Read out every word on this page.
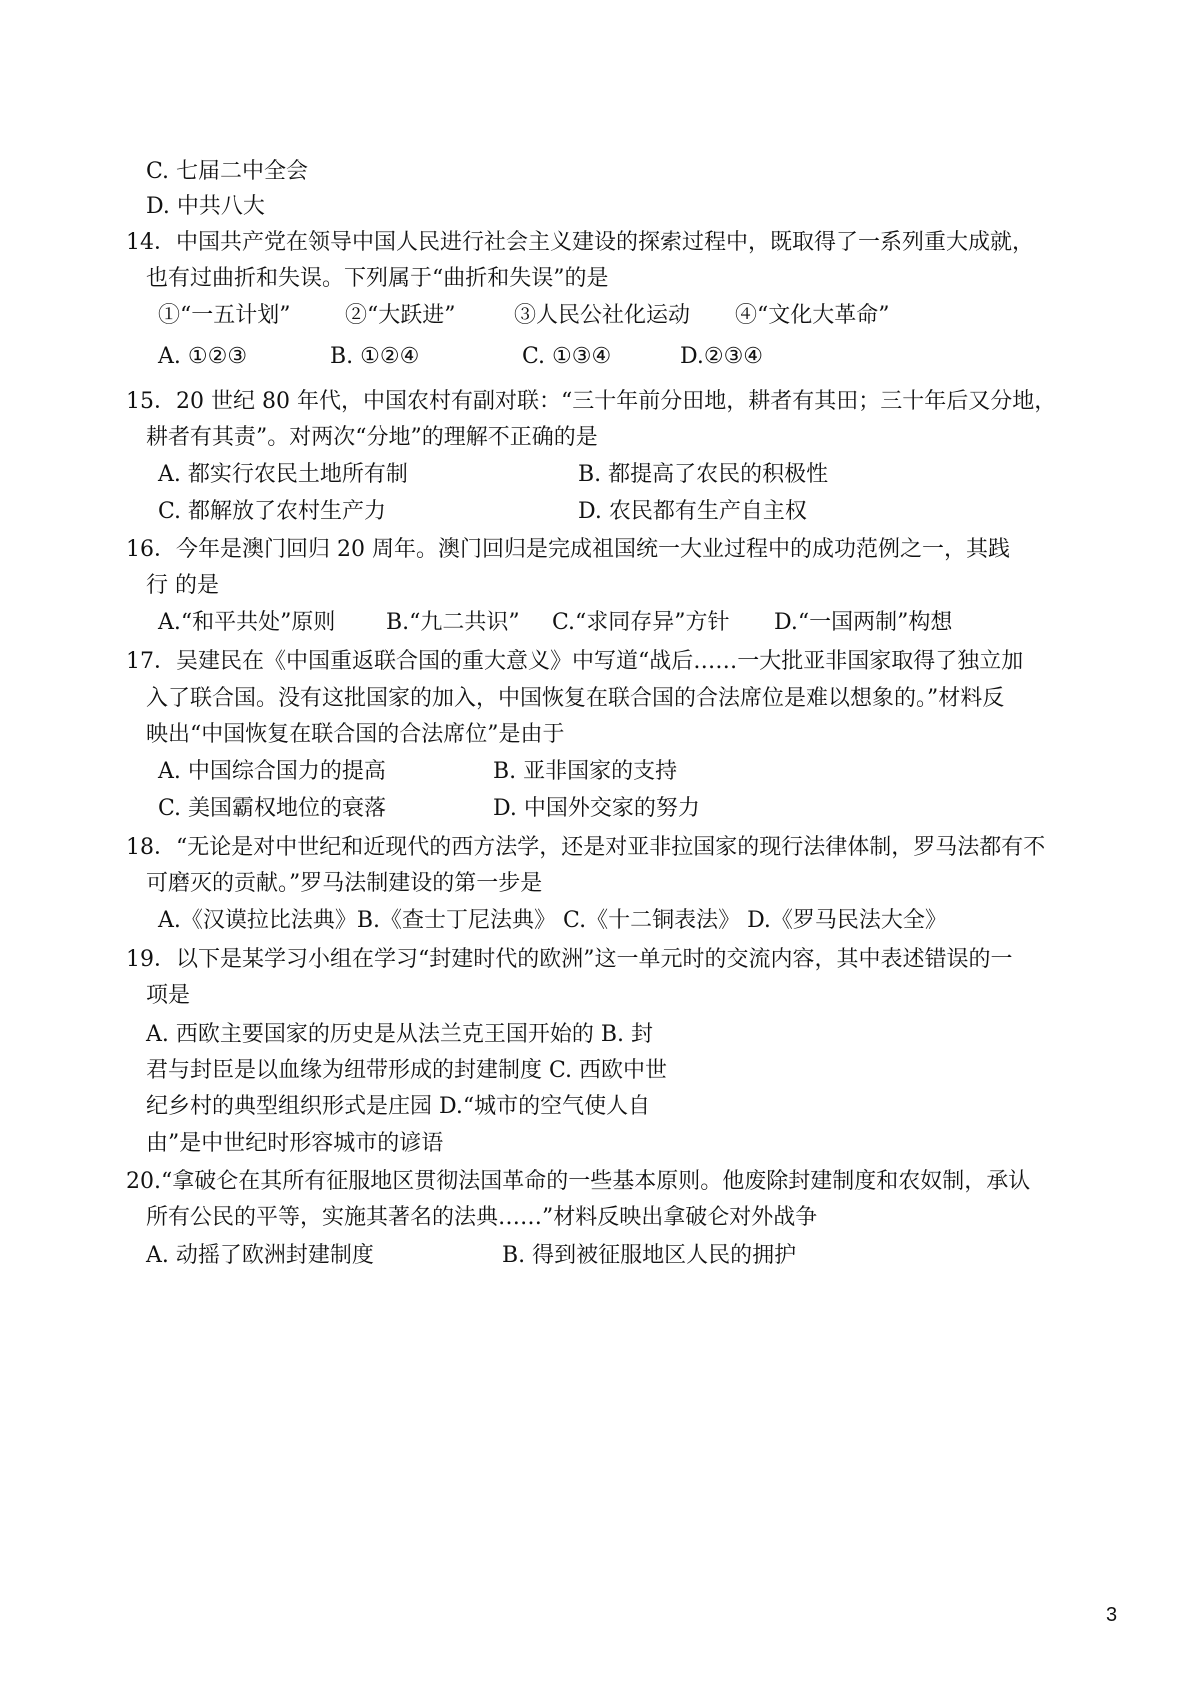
C. 七届二中全会
D. 中共八大
14．中国共产党在领导中国人民进行社会主义建设的探索过程中，既取得了一系列重大成就，
也有过曲折和失误。下列属于“曲折和失误”的是
①“一五计划” ②“大跃进”	③人民公社化运动 ④“文化大革命”
A. ①②③	B. ①②④	C. ①③④	D.②③④
15．20 世纪 80 年代，中国农村有副对联：“三十年前分田地，耕者有其田；三十年后又分地，
耕者有其责”。对两次“分地”的理解不正确的是
A. 都实行农民土地所有制	B. 都提高了农民的积极性
C. 都解放了农村生产力	D. 农民都有生产自主权
16．今年是澳门回归 20 周年。澳门回归是完成祖国统一大业过程中的成功范例之一，其践
行 的是
A.“和平共处”原则 B.“九二共识” C.“求同存异”方针 D.“一国两制”构想
17．吴建民在《中国重返联合国的重大意义》中写道“战后……一大批亚非国家取得了独立加
入了联合国。没有这批国家的加入，中国恢复在联合国的合法席位是难以想象的。”材料反
映出“中国恢复在联合国的合法席位”是由于
A. 中国综合国力的提高	B. 亚非国家的支持
C. 美国霸权地位的衰落	D. 中国外交家的努力
18．“无论是对中世纪和近现代的西方法学，还是对亚非拉国家的现行法律体制，罗马法都有不
可磨灭的贡献。”罗马法制建设的第一步是
A.《汉谟拉比法典》B.《查士丁尼法典》 C.《十二铜表法》 D.《罗马民法大全》
19．以下是某学习小组在学习“封建时代的欧洲”这一单元时的交流内容，其中表述错误的一
项是
A. 西欧主要国家的历史是从法兰克王国开始的 B. 封
君与封臣是以血缘为纽带形成的封建制度 C. 西欧中世
纪乡村的典型组织形式是庄园 D.“城市的空气使人自
由”是中世纪时形容城市的谚语
20.“拿破仑在其所有征服地区贯彻法国革命的一些基本原则。他废除封建制度和农奴制，承认
所有公民的平等，实施其著名的法典……”材料反映出拿破仑对外战争
A. 动摇了欧洲封建制度	B. 得到被征服地区人民的拥护
3
